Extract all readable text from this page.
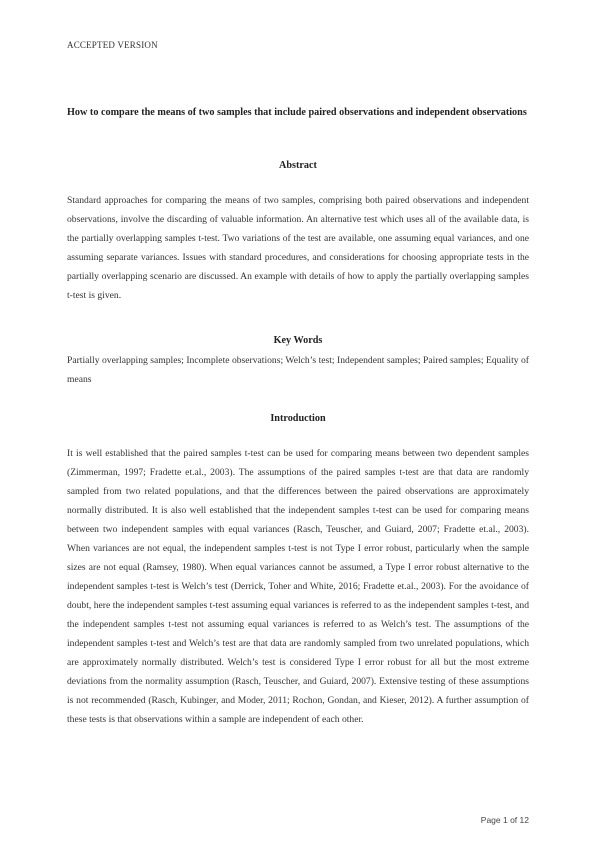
ACCEPTED VERSION
How to compare the means of two samples that include paired observations and independent observations
Abstract

Standard approaches for comparing the means of two samples, comprising both paired observations and independent observations, involve the discarding of valuable information. An alternative test which uses all of the available data, is the partially overlapping samples t-test. Two variations of the test are available, one assuming equal variances, and one assuming separate variances. Issues with standard procedures, and considerations for choosing appropriate tests in the partially overlapping scenario are discussed. An example with details of how to apply the partially overlapping samples t-test is given.

Key Words

Partially overlapping samples; Incomplete observations; Welch’s test; Independent samples; Paired samples; Equality of means

Introduction

It is well established that the paired samples t-test can be used for comparing means between two dependent samples (Zimmerman, 1997; Fradette et.al., 2003). The assumptions of the paired samples t-test are that data are randomly sampled from two related populations, and that the differences between the paired observations are approximately normally distributed. It is also well established that the independent samples t-test can be used for comparing means between two independent samples with equal variances (Rasch, Teuscher, and Guiard, 2007; Fradette et.al., 2003). When variances are not equal, the independent samples t-test is not Type I error robust, particularly when the sample sizes are not equal (Ramsey, 1980). When equal variances cannot be assumed, a Type I error robust alternative to the independent samples t-test is Welch’s test (Derrick, Toher and White, 2016; Fradette et.al., 2003). For the avoidance of doubt, here the independent samples t-test assuming equal variances is referred to as the independent samples t-test, and the independent samples t-test not assuming equal variances is referred to as Welch’s test. The assumptions of the independent samples t-test and Welch’s test are that data are randomly sampled from two unrelated populations, which are approximately normally distributed. Welch’s test is considered Type I error robust for all but the most extreme deviations from the normality assumption (Rasch, Teuscher, and Guiard, 2007). Extensive testing of these assumptions is not recommended (Rasch, Kubinger, and Moder, 2011; Rochon, Gondan, and Kieser, 2012). A further assumption of these tests is that observations within a sample are independent of each other.

Page 1 of 12
